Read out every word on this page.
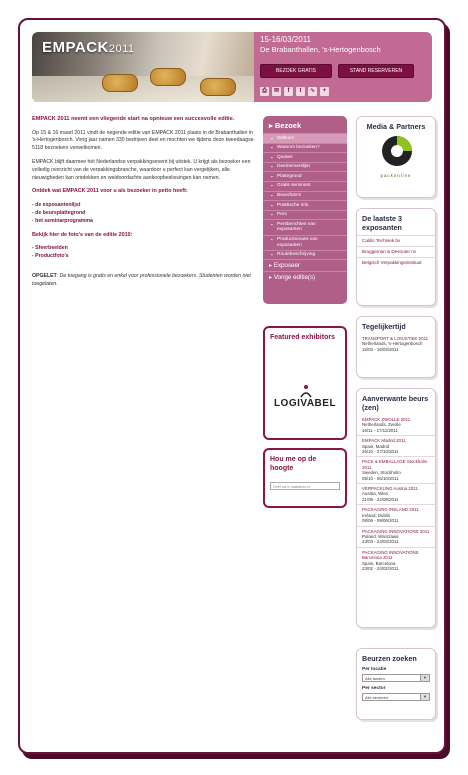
EMPACK2011
15-16/03/2011
De Brabanthallen, 's-Hertogenbosch
BEZOEK GRATIS	STAND RESERVEREN
⎙	✉	f	t	∿	+

EMPACK 2011 neemt een vliegende start na opnieuw een succesvolle editie.

Op 15 & 16 maart 2011 vindt de negende editie van EMPACK 2011 plaats in de Brabanthallen in 's-Hertogenbosch. Vorig jaar namen 330 bedrijven deel en mochten we tijdens deze tweedaagse 5118 bezoekers verwelkomen.

EMPACK blijft daarmee hét Nederlandse verpakkingsevent bij uitstek. U krijgt als bezoeker een volledig overzicht van de verpakkingsbranche, waardoor u perfect kan vergelijken, alle nieuwigheden kan ontdekken en weldoordachte aankoopbeslissingen kan nemen.

Ontdek wat EMPACK 2011 voor u als bezoeker in petto heeft:

- de exposantenlijst
- de beursplattegrond
- het seminarprogramma

Bekijk hier de foto's van de editie 2010:

- Sfeerbeelden
- Productfoto's

OPGELET: De toegang is gratis en enkel voor professionele bezoekers. Studenten worden niet toegelaten.

▸ Bezoek
▪ Welkom
▪ Waarom bezoeken?
▪ Quotes
▪ Deelnemerslijst
▪ Plattegrond
▪ Gratis seminars
▪ Beursfoto's
▪ Praktische info
▪ Pers
▪ Persberichten van exposanten
▪ Productnieuws van exposanten
▪ Routebeschrijving
▸ Exposeer
▸ Vorige editie(s)
Featured exhibitors
LOGIVABEL
Hou me op de hoogte
Geef uw e-mailadres in
Media & Partners
packonline
De laatste 3 exposanten
Caldic Techniek bv
Bruggeman & Desouter nv
Belgisch Verpakkingsinstituut
Tegelijkertijd
TRANSPORT & LOGISTIEK 2011
Netherlands, 's-Hertogenbosch
15/03 - 16/03/2011
Aanverwante beurs (zen)
EMPACK ZWOLLE 2011
Netherlands, Zwolle
16/11 - 17/11/2011
EMPACK Madrid 2011
Spain, Madrid
26/10 - 27/10/2011
PACK & EMBALLAGE Stockholm 2011
Sweden, Stockholm
05/10 - 06/10/2011
VERPACKUNG Austria 2011
Austria, Wien
21/09 - 22/09/2011
PACKAGING IRELAND 2011
Ireland, Dublin
08/06 - 09/06/2011
PACKAGING INNOVATIONS 2011
Poland, Warszawa
23/03 - 24/03/2011
PACKAGING INNOVATIONS Barcelona 2011
Spain, Barcelona
23/02 - 24/02/2011
Beurzen zoeken
Per locatie
Alle landen	▼
Per sector
Alle sectoren	▼
